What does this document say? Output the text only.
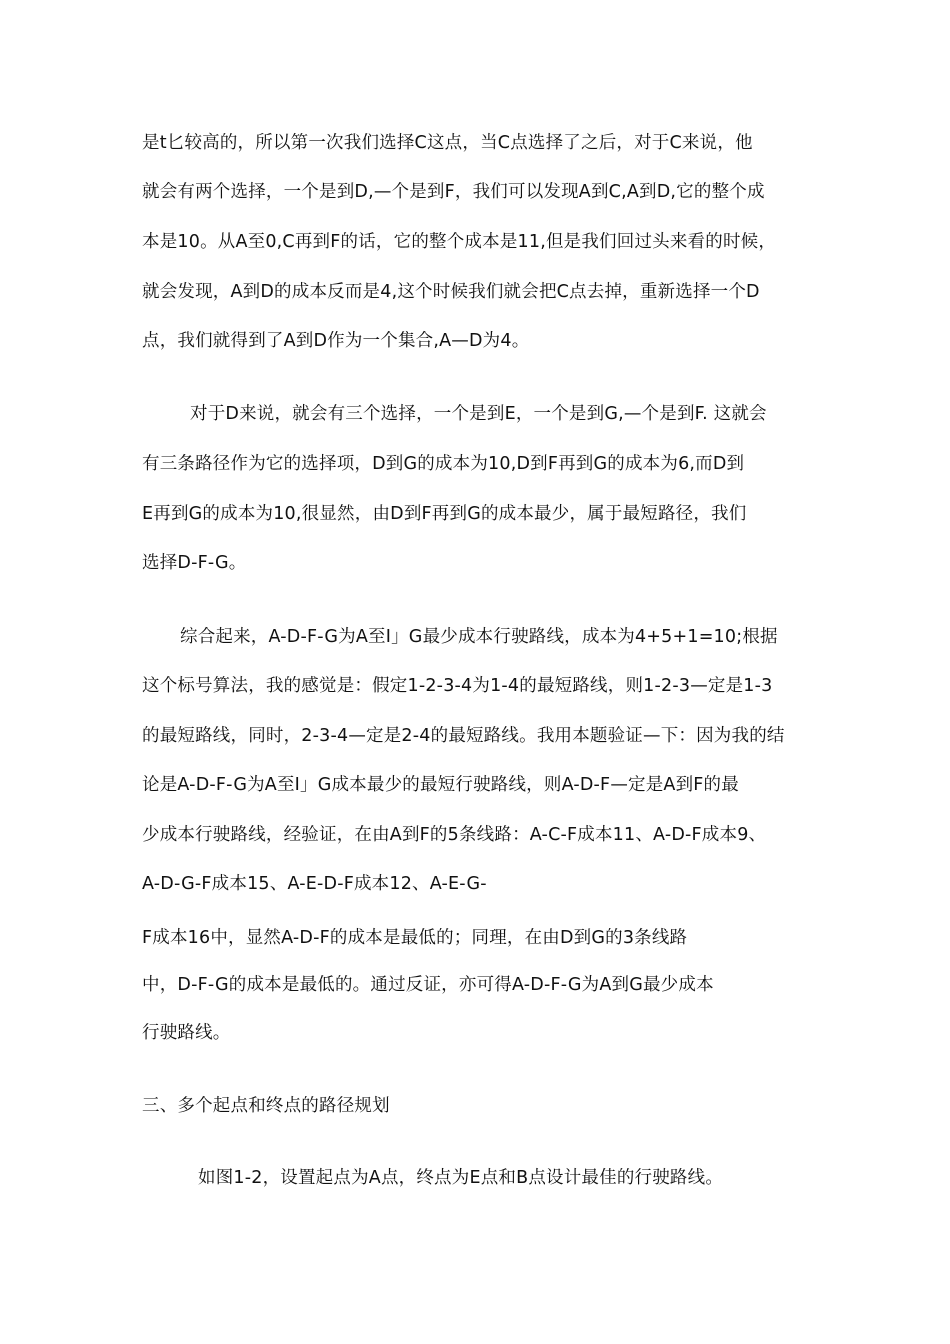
是t匕较高的，所以第一次我们选择C这点，当C点选择了之后，对于C来说，他
就会有两个选择，一个是到D,—个是到F，我们可以发现A到C,A到D,它的整个成
本是10。从A至0,C再到F的话，它的整个成本是11,但是我们回过头来看的时候，
就会发现，A到D的成本反而是4,这个时候我们就会把C点去掉，重新选择一个D
点，我们就得到了A到D作为一个集合,A—D为4。
对于D来说，就会有三个选择，一个是到E，一个是到G,—个是到F. 这就会
有三条路径作为它的选择项，D到G的成本为10,D到F再到G的成本为6,而D到
E再到G的成本为10,很显然，由D到F再到G的成本最少，属于最短路径，我们
选择D-F-G。
综合起来，A-D-F-G为A至I」G最少成本行驶路线，成本为4+5+1=10;根据
这个标号算法，我的感觉是：假定1-2-3-4为1-4的最短路线，则1-2-3—定是1-3
的最短路线，同时，2-3-4—定是2-4的最短路线。我用本题验证—下：因为我的结
论是A-D-F-G为A至I」G成本最少的最短行驶路线，则A-D-F—定是A到F的最
少成本行驶路线，经验证，在由A到F的5条线路：A-C-F成本11、A-D-F成本9、
A-D-G-F成本15、A-E-D-F成本12、A-E-G-
F成本16中，显然A-D-F的成本是最低的；同理，在由D到G的3条线路
中，D-F-G的成本是最低的。通过反证，亦可得A-D-F-G为A到G最少成本
行驶路线。
三、多个起点和终点的路径规划
如图1-2，设置起点为A点，终点为E点和B点设计最佳的行驶路线。
